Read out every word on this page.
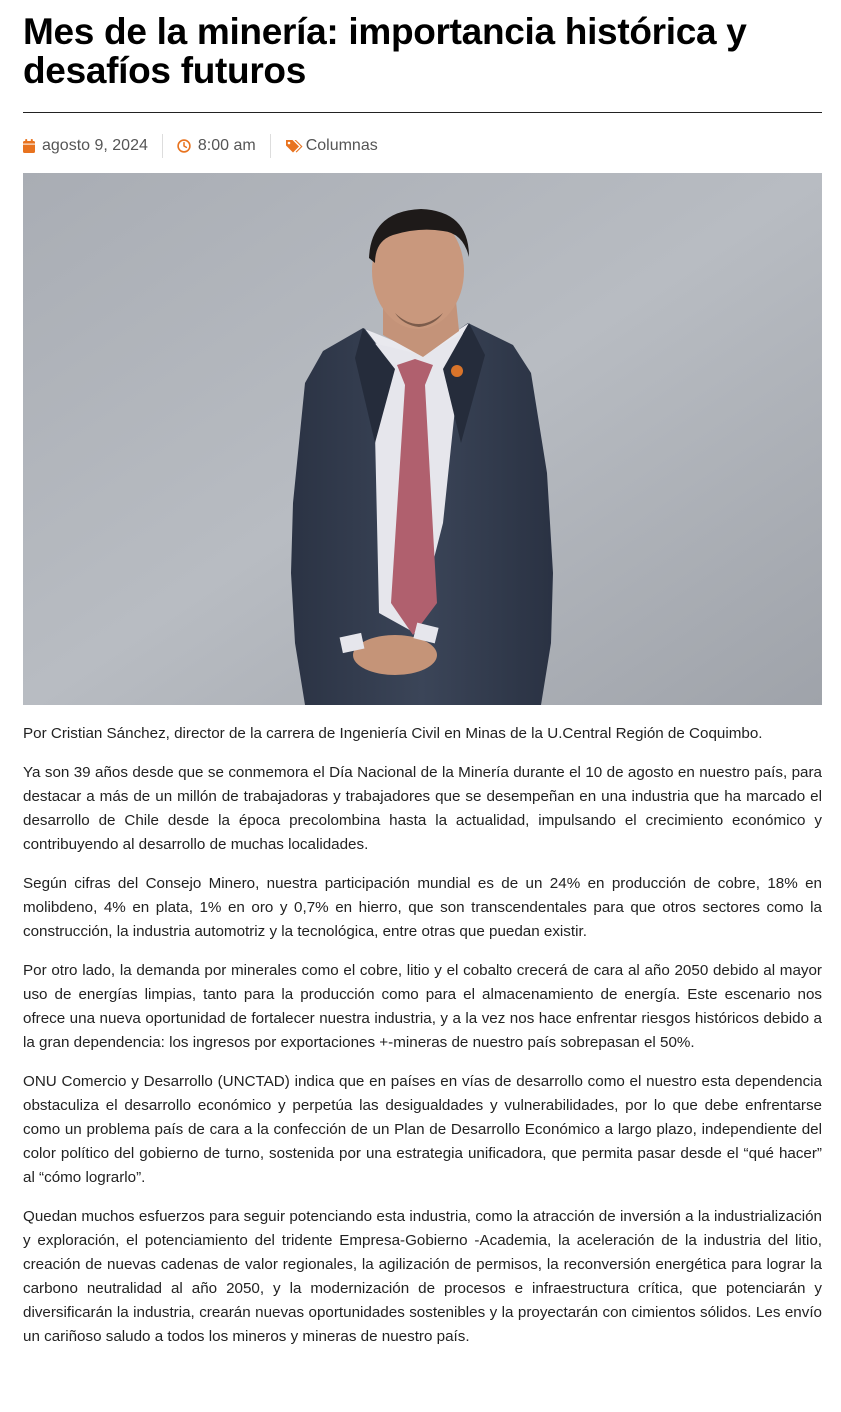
Mes de la minería: importancia histórica y desafíos futuros
agosto 9, 2024	8:00 am	Columnas
Por Cristian Sánchez, director de la carrera de Ingeniería Civil en Minas de la U.Central Región de Coquimbo.

Ya son 39 años desde que se conmemora el Día Nacional de la Minería durante el 10 de agosto en nuestro país, para destacar a más de un millón de trabajadoras y trabajadores que se desempeñan en una industria que ha marcado el desarrollo de Chile desde la época precolombina hasta la actualidad, impulsando el crecimiento económico y contribuyendo al desarrollo de muchas localidades.

Según cifras del Consejo Minero, nuestra participación mundial es de un 24% en producción de cobre, 18% en molibdeno, 4% en plata, 1% en oro y 0,7% en hierro, que son transcendentales para que otros sectores como la construcción, la industria automotriz y la tecnológica, entre otras que puedan existir.

Por otro lado, la demanda por minerales como el cobre, litio y el cobalto crecerá de cara al año 2050 debido al mayor uso de energías limpias, tanto para la producción como para el almacenamiento de energía. Este escenario nos ofrece una nueva oportunidad de fortalecer nuestra industria, y a la vez nos hace enfrentar riesgos históricos debido a la gran dependencia: los ingresos por exportaciones +-mineras de nuestro país sobrepasan el 50%.

ONU Comercio y Desarrollo (UNCTAD) indica que en países en vías de desarrollo como el nuestro esta dependencia obstaculiza el desarrollo económico y perpetúa las desigualdades y vulnerabilidades, por lo que debe enfrentarse como un problema país de cara a la confección de un Plan de Desarrollo Económico a largo plazo, independiente del color político del gobierno de turno, sostenida por una estrategia unificadora, que permita pasar desde el “qué hacer” al “cómo lograrlo”.

Quedan muchos esfuerzos para seguir potenciando esta industria, como la atracción de inversión a la industrialización y exploración, el potenciamiento del tridente Empresa-Gobierno -Academia, la aceleración de la industria del litio, creación de nuevas cadenas de valor regionales, la agilización de permisos, la reconversión energética para lograr la carbono neutralidad al año 2050, y la modernización de procesos e infraestructura crítica, que potenciarán y diversificarán la industria, crearán nuevas oportunidades sostenibles y la proyectarán con cimientos sólidos. Les envío un cariñoso saludo a todos los mineros y mineras de nuestro país.
